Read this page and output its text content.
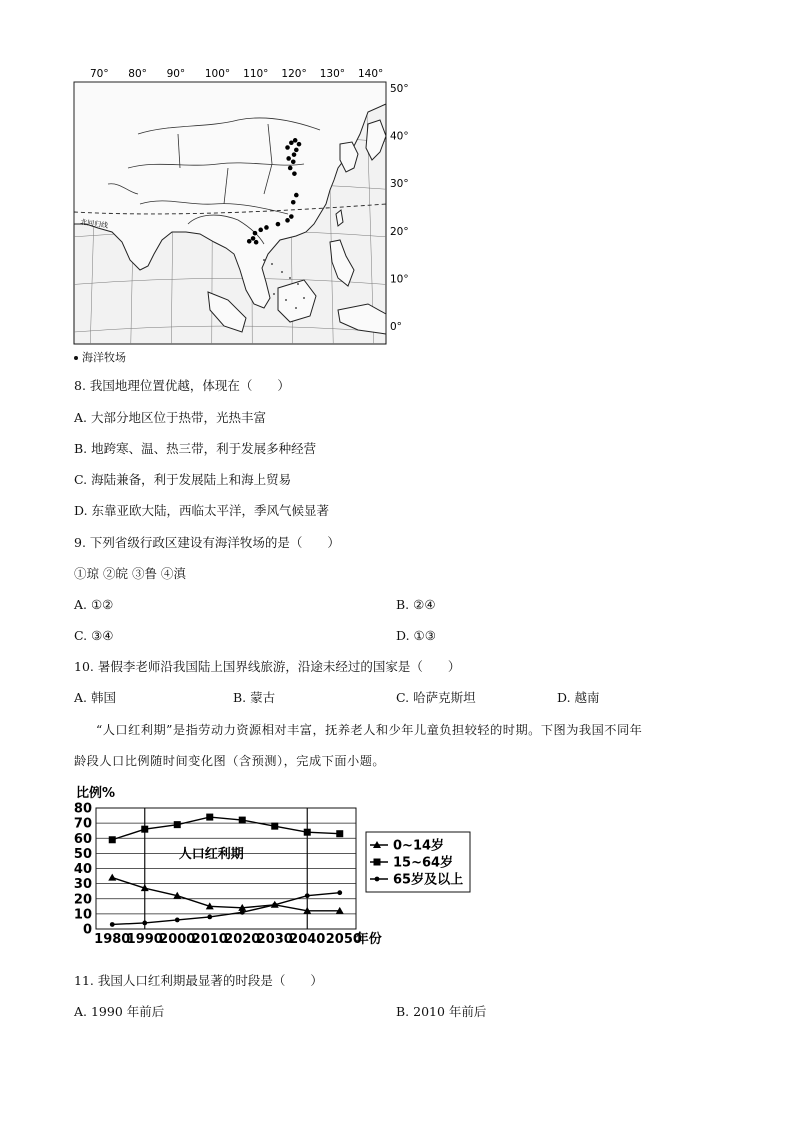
北回归线
70° 80° 90° 100° 110° 120° 130° 140°
50°
40°
30°
20°
10°
0°
海洋牧场
8. 我国地理位置优越，体现在（　　）
A. 大部分地区位于热带，光热丰富
B. 地跨寒、温、热三带，利于发展多种经营
C. 海陆兼备，利于发展陆上和海上贸易
D. 东靠亚欧大陆，西临太平洋，季风气候显著
9. 下列省级行政区建设有海洋牧场的是（　　）
①琼 ②皖 ③鲁 ④滇
A. ①②	B. ②④
C. ③④	D. ①③
10. 暑假李老师沿我国陆上国界线旅游，沿途未经过的国家是（　　）
A. 韩国	B. 蒙古	C. 哈萨克斯坦	D. 越南
“人口红利期”是指劳动力资源相对丰富，抚养老人和少年儿童负担较轻的时期。下图为我国不同年
龄段人口比例随时间变化图（含预测），完成下面小题。
0
10
20
30
40
50
60
70
80
1980
1990
2000
2010
2020
2030
2040 2050
年份
0~14岁
15~64岁
65岁及以上
比例%
人口红利期
11. 我国人口红利期最显著的时段是（　　）
A. 1990 年前后	B. 2010 年前后
